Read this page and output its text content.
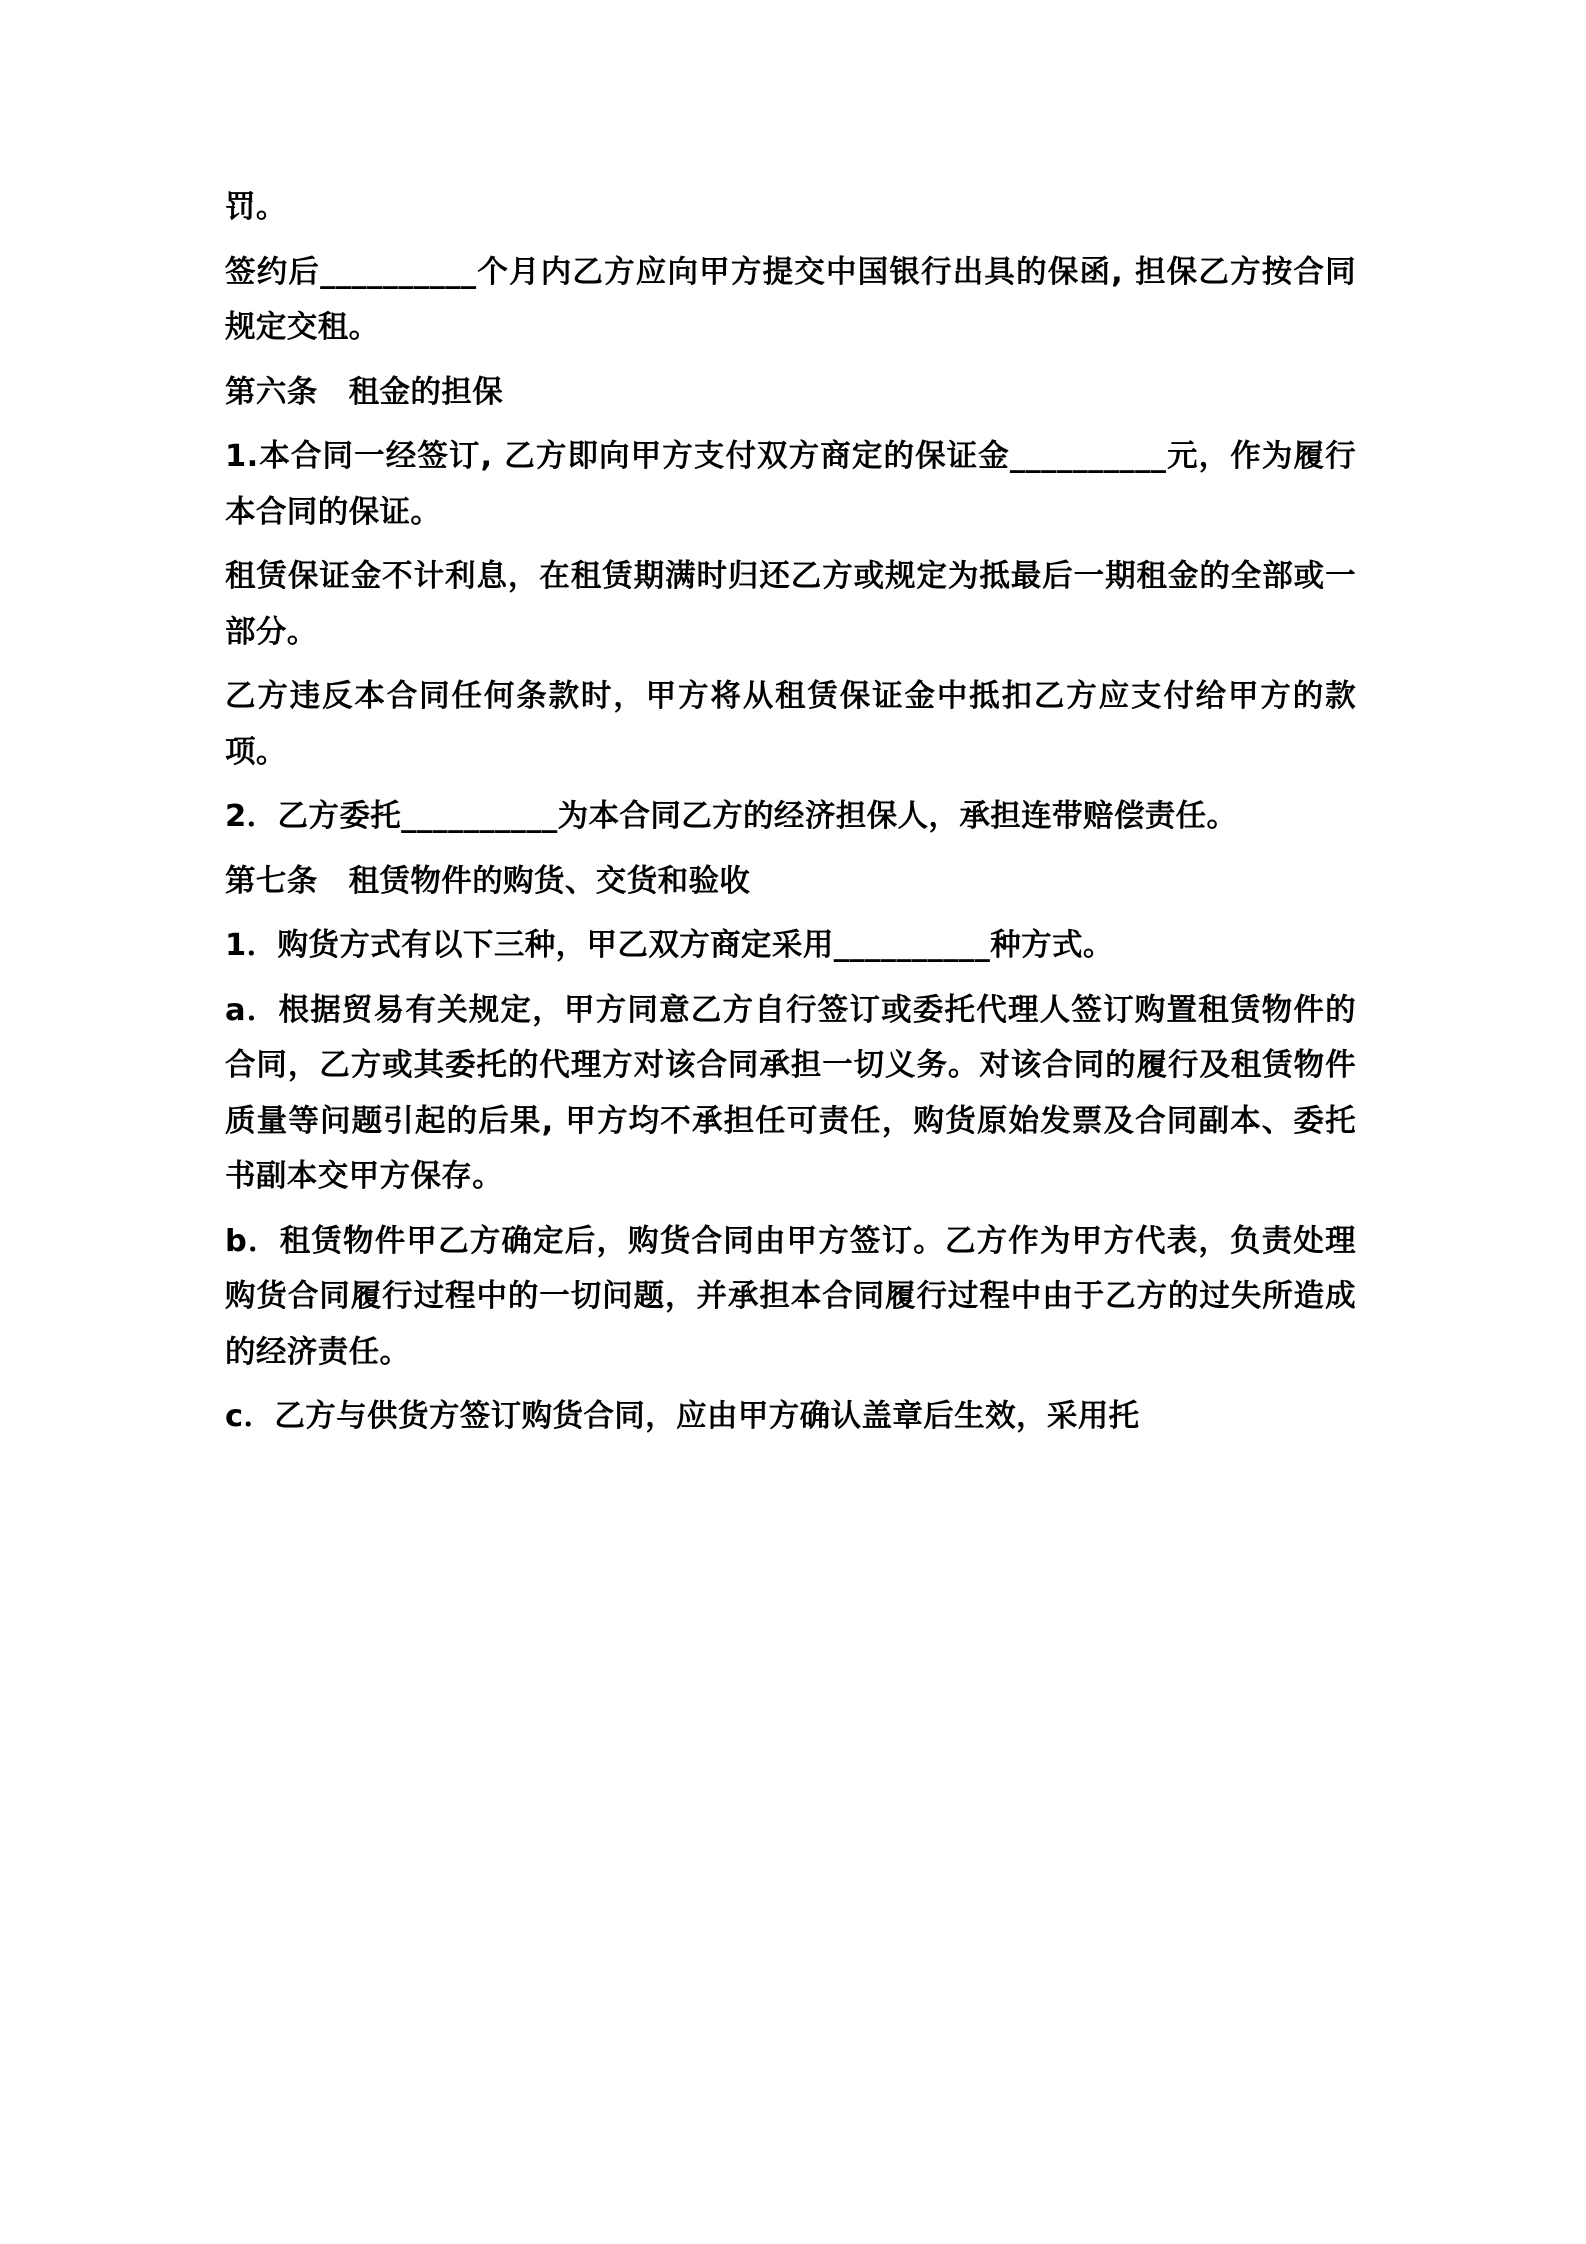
罚。

签约后__________个月内乙方应向甲方提交中国银行出具的保函, 担保乙方按合同规定交租。

第六条　租金的担保

1.本合同一经签订, 乙方即向甲方支付双方商定的保证金__________元，作为履行本合同的保证。

租赁保证金不计利息，在租赁期满时归还乙方或规定为抵最后一期租金的全部或一部分。

乙方违反本合同任何条款时，甲方将从租赁保证金中抵扣乙方应支付给甲方的款项。

2．乙方委托__________为本合同乙方的经济担保人，承担连带赔偿责任。

第七条　租赁物件的购货、交货和验收

1．购货方式有以下三种，甲乙双方商定采用__________种方式。

a．根据贸易有关规定，甲方同意乙方自行签订或委托代理人签订购置租赁物件的合同，乙方或其委托的代理方对该合同承担一切义务。对该合同的履行及租赁物件质量等问题引起的后果, 甲方均不承担任可责任，购货原始发票及合同副本、委托书副本交甲方保存。

b．租赁物件甲乙方确定后，购货合同由甲方签订。乙方作为甲方代表，负责处理购货合同履行过程中的一切问题，并承担本合同履行过程中由于乙方的过失所造成的经济责任。

c．乙方与供货方签订购货合同，应由甲方确认盖章后生效，采用托
